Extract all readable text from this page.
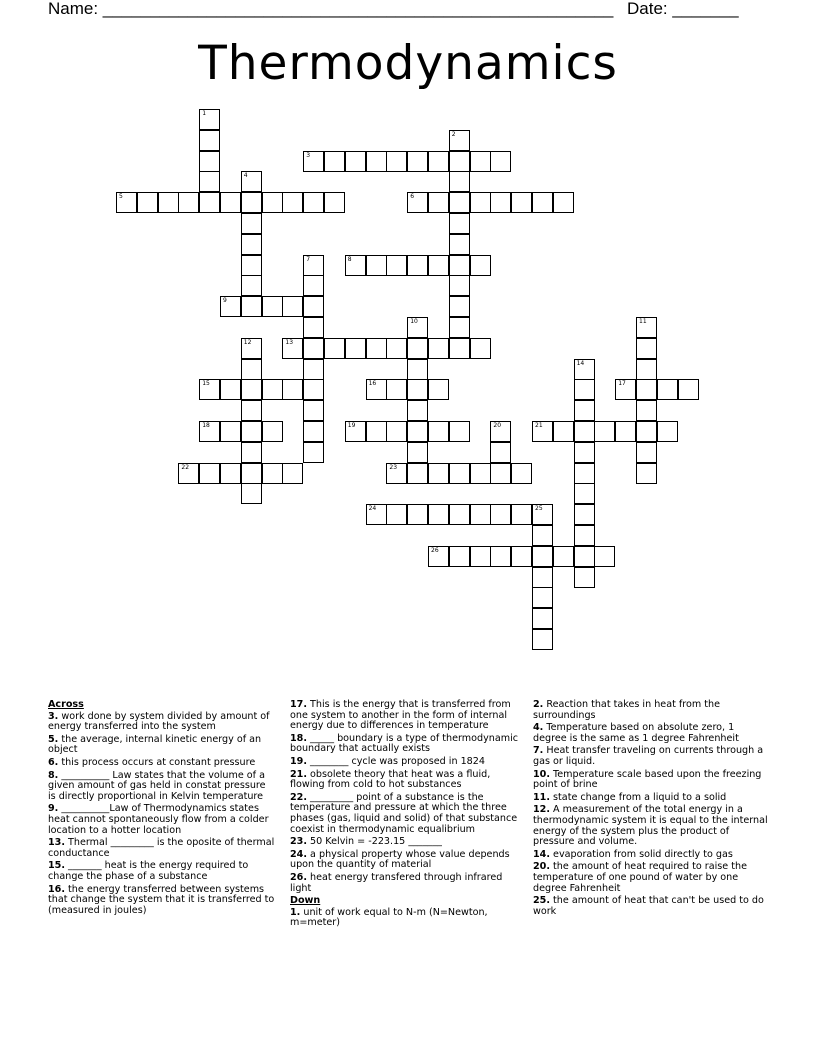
Name: ______________________________________________________ Date: _______
Thermodynamics
1
2
3
4
5	6
7	8
9
10	11
12	13
14
15	16	17
18	19	20	21
22	23
24	25
26

Across

3. work done by system divided by amount of energy transferred into the system

5. the average, internal kinetic energy of an object

6. this process occurs at constant pressure

8. __________ Law states that the volume of a given amount of gas held in constat pressure is directly proportional in Kelvin temperature

9. __________Law of Thermodynamics states heat cannot spontaneously flow from a colder location to a hotter location

13. Thermal _________ is the oposite of thermal conductance

15. _______ heat is the energy required to change the phase of a substance

16. the energy transferred between systems that change the system that it is transferred to (measured in joules)

17. This is the energy that is transferred from one system to another in the form of internal energy due to differences in temperature

18. _____ boundary is a type of thermodynamic boundary that actually exists

19. ________ cycle was proposed in 1824

21. obsolete theory that heat was a fluid, flowing from cold to hot substances

22. _________ point of a substance is the temperature and pressure at which the three phases (gas, liquid and solid) of that substance coexist in thermodynamic equalibrium

23. 50 Kelvin = -223.15 _______

24. a physical property whose value depends upon the quantity of material

26. heat energy transfered through infrared light

Down

1. unit of work equal to N-m (N=Newton, m=meter)

2. Reaction that takes in heat from the surroundings

4. Temperature based on absolute zero, 1 degree is the same as 1 degree Fahrenheit

7. Heat transfer traveling on currents through a gas or liquid.

10. Temperature scale based upon the freezing point of brine

11. state change from a liquid to a solid

12. A measurement of the total energy in a thermodynamic system it is equal to the internal energy of the system plus the product of pressure and volume.

14. evaporation from solid directly to gas

20. the amount of heat required to raise the temperature of one pound of water by one degree Fahrenheit

25. the amount of heat that can't be used to do work
